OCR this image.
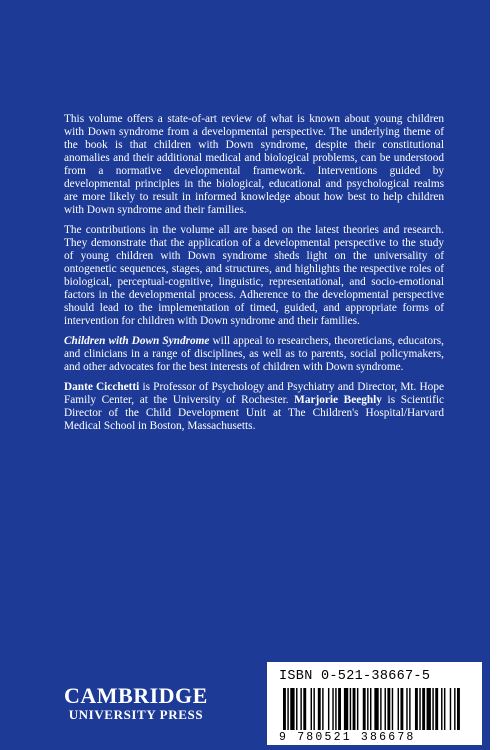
This volume offers a state-of-art review of what is known about young children with Down syndrome from a developmental perspective. The underlying theme of the book is that children with Down syndrome, despite their constitutional anomalies and their additional medical and biological problems, can be understood from a normative developmental framework. Interventions guided by developmental principles in the biological, educational and psychological realms are more likely to result in informed knowledge about how best to help children with Down syndrome and their families.

The contributions in the volume all are based on the latest theories and research. They demonstrate that the application of a developmental perspective to the study of young children with Down syndrome sheds light on the universality of ontogenetic sequences, stages, and structures, and highlights the respective roles of biological, perceptual-cognitive, linguistic, representational, and socio-emotional factors in the developmental process. Adherence to the developmental perspective should lead to the implementation of timed, guided, and appropriate forms of intervention for children with Down syndrome and their families.

Children with Down Syndrome will appeal to researchers, theoreticians, educators, and clinicians in a range of disciplines, as well as to parents, social policymakers, and other advocates for the best interests of children with Down syndrome.

Dante Cicchetti is Professor of Psychology and Psychiatry and Director, Mt. Hope Family Center, at the University of Rochester. Marjorie Beeghly is Scientific Director of the Child Development Unit at The Children's Hospital/Harvard Medical School in Boston, Massachusetts.

CAMBRIDGE
UNIVERSITY PRESS
ISBN 0-521-38667-5
9 780521 386678
